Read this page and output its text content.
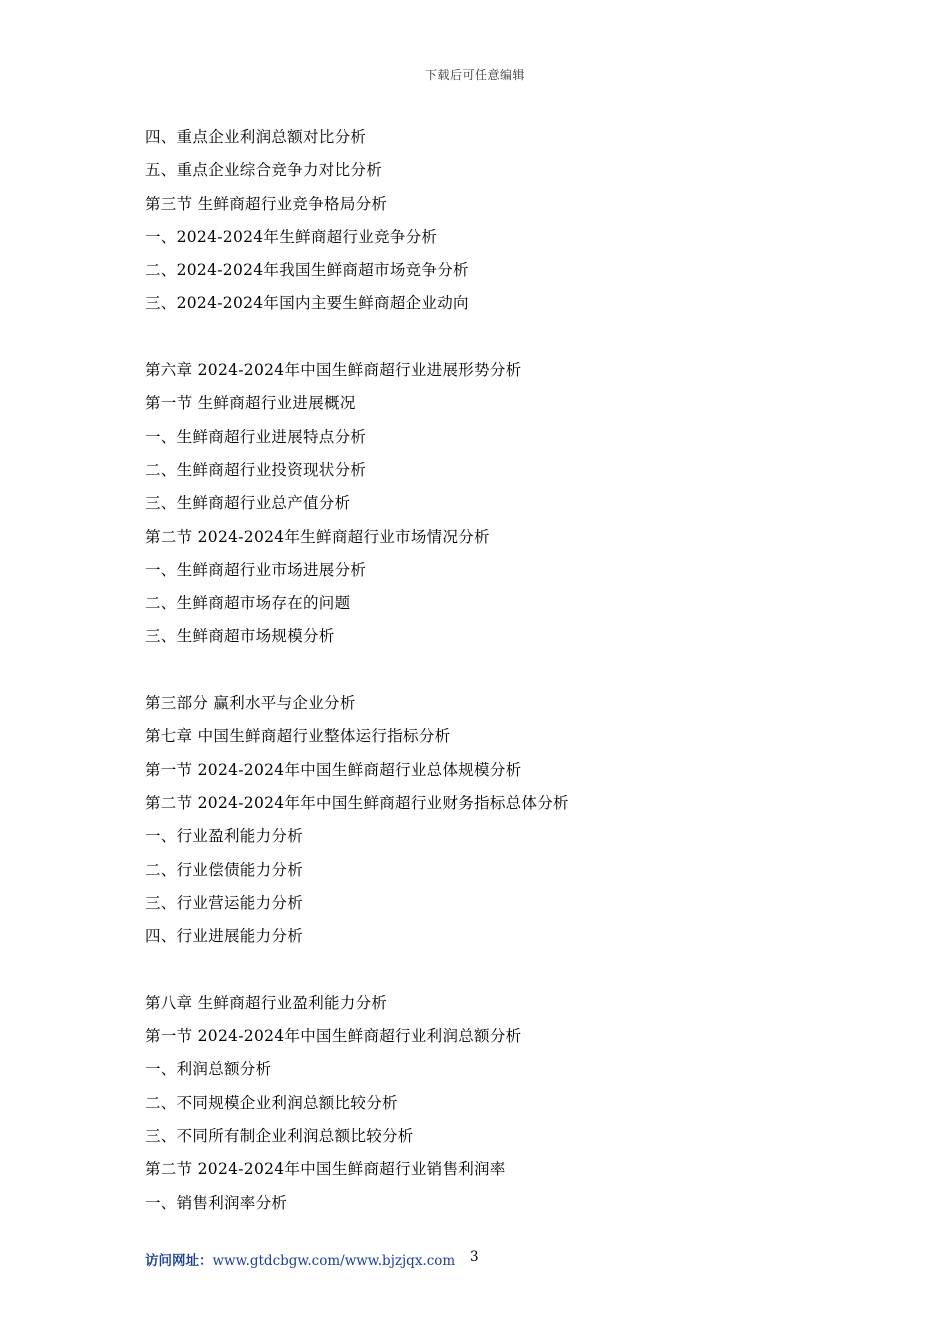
下载后可任意编辑
四、重点企业利润总额对比分析
五、重点企业综合竞争力对比分析
第三节 生鲜商超行业竞争格局分析
一、2024-2024年生鲜商超行业竞争分析
二、2024-2024年我国生鲜商超市场竞争分析
三、2024-2024年国内主要生鲜商超企业动向
第六章 2024-2024年中国生鲜商超行业进展形势分析
第一节 生鲜商超行业进展概况
一、生鲜商超行业进展特点分析
二、生鲜商超行业投资现状分析
三、生鲜商超行业总产值分析
第二节 2024-2024年生鲜商超行业市场情况分析
一、生鲜商超行业市场进展分析
二、生鲜商超市场存在的问题
三、生鲜商超市场规模分析
第三部分 赢利水平与企业分析
第七章 中国生鲜商超行业整体运行指标分析
第一节 2024-2024年中国生鲜商超行业总体规模分析
第二节 2024-2024年年中国生鲜商超行业财务指标总体分析
一、行业盈利能力分析
二、行业偿债能力分析
三、行业营运能力分析
四、行业进展能力分析
第八章 生鲜商超行业盈利能力分析
第一节 2024-2024年中国生鲜商超行业利润总额分析
一、利润总额分析
二、不同规模企业利润总额比较分析
三、不同所有制企业利润总额比较分析
第二节 2024-2024年中国生鲜商超行业销售利润率
一、销售利润率分析
访问网址：www.gtdcbgw.com/www.bjzjqx.com 3
